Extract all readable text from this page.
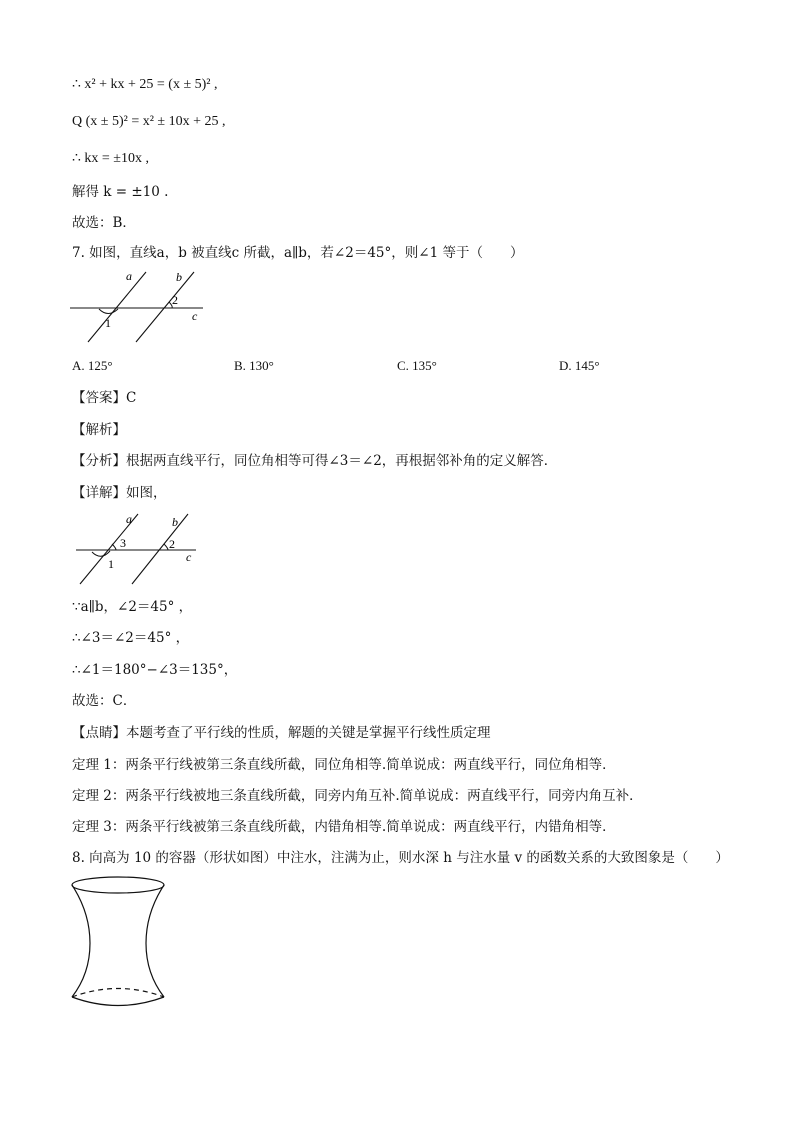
∴ x² + kx + 25 = (x ± 5)² ,
Q (x ± 5)² = x² ± 10x + 25 ,
∴ kx = ±10x ,
解得 k = ±10 .
故选：B．
7. 如图，直线a，b 被直线c 所截，a∥b，若∠2＝45°，则∠1 等于（　　）
a	b
c
1
2
A. 125°	B. 130°	C. 135°	D. 145°
【答案】C
【解析】
【分析】根据两直线平行，同位角相等可得∠3＝∠2，再根据邻补角的定义解答．
【详解】如图，
a	b
c
1
2
3
∵a∥b，∠2＝45° ，
∴∠3＝∠2＝45° ，
∴∠1＝180°−∠3＝135°，
故选：C．
【点睛】本题考查了平行线的性质，解题的关键是掌握平行线性质定理
定理 1：两条平行线被第三条直线所截，同位角相等.简单说成：两直线平行，同位角相等．
定理 2：两条平行线被地三条直线所截，同旁内角互补.简单说成：两直线平行，同旁内角互补．
定理 3：两条平行线被第三条直线所截，内错角相等.简单说成：两直线平行，内错角相等．
8. 向高为 10 的容器（形状如图）中注水，注满为止，则水深 h 与注水量 v 的函数关系的大致图象是（　　）
